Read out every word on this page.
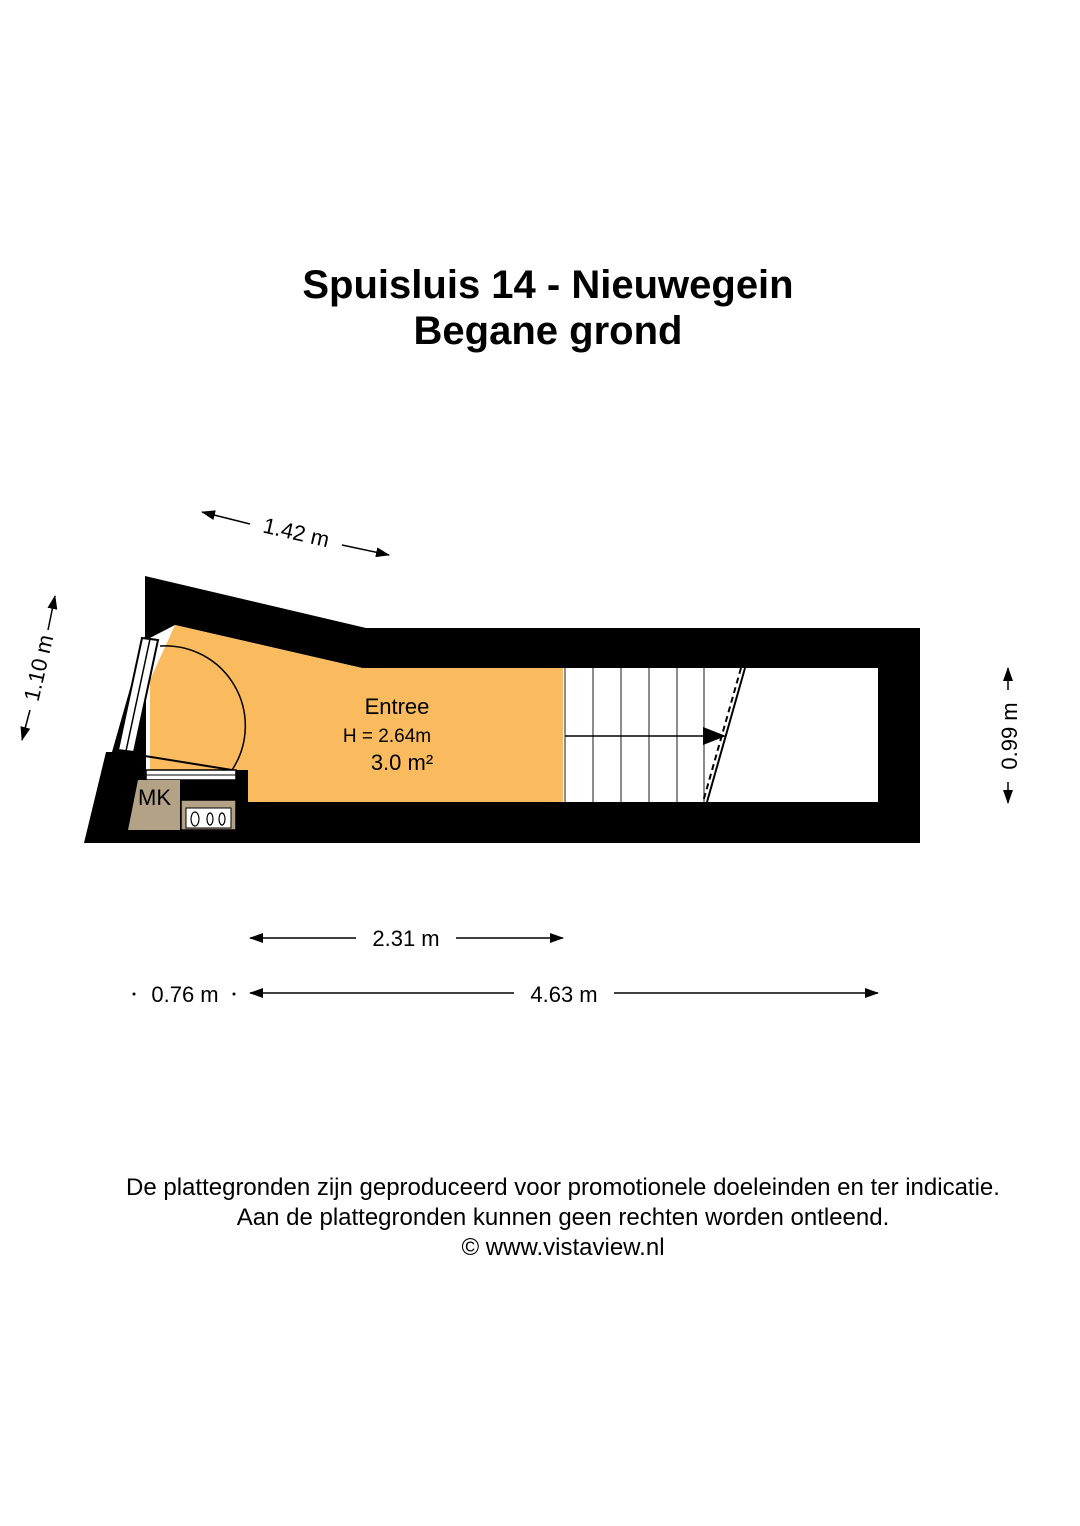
Spuisluis 14 - Nieuwegein
Begane grond
MK
Entree
H = 2.64m
3.0 m²
1.42 m
1.10 m
0.99 m
2.31 m
0.76 m	4.63 m
De plattegronden zijn geproduceerd voor promotionele doeleinden en ter indicatie.
Aan de plattegronden kunnen geen rechten worden ontleend.
© www.vistaview.nl
